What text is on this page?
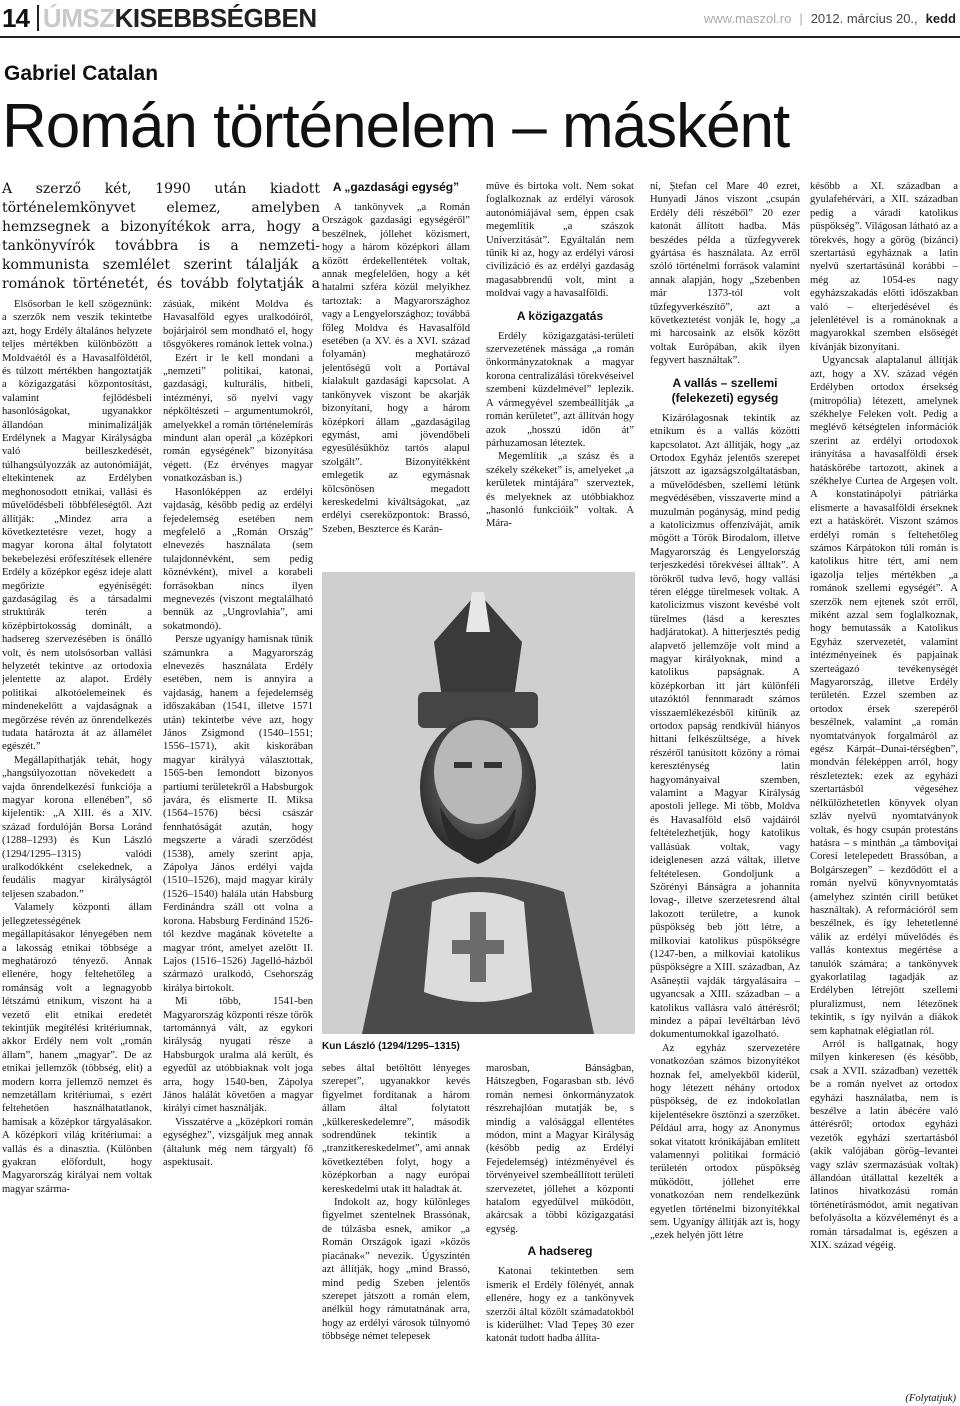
14 ÚMSZ KISEBBSÉGBEN	www.maszol.ro | 2012. március 20., kedd
Gabriel Catalan
Román történelem – másként
A szerző két, 1990 után kiadott történelemkönyvet elemez, amelyben hemzsegnek a bizonyítékok arra, hogy a tankönyvírók továbbra is a nemzeti-kommunista szemlélet szerint tálalják a románok történetét, és tovább folytatják a

Elsősorban le kell szögeznünk: a szerzők nem veszik tekintetbe azt, hogy Erdély általános helyzete teljes mértékben különbözött a Moldvaétól és a Havasalföldétől, és túlzott mértékben hangoztatják a közigazgatási központosítást, valamint fejlődésbeli hasonlóságokat, ugyanakkor állandóan minimalizálják Erdélynek a Magyar Királyságba való beilleszkedését, túlhangsúlyozzák az autonómiáját, eltekintenek az Erdélyben meghonosodott etnikai, vallási és művelődésbeli többféleségtől. Azt állítják: „Mindez arra a következtetésre vezet, hogy a magyar korona által folytatott bekebelezési erőfeszítések ellenére Erdély a középkor egész ideje alatt megőrizte egyéniségét: gazdaságilag és a társadalmi struktúrák terén a középbirtokosság dominált, a hadsereg szervezésében is önálló volt, és nem utolsósorban vallási helyzetét tekintve az ortodoxia jelentette az alapot. Erdély politikai alkotóelemeinek és mindenekelőtt a vajdaságnak a megőrzése révén az önrendelkezés tudata határozta át az államélet egészét.”

Megállapíthatják tehát, hogy „hangsúlyozottan növekedett a vajda önrendelkezési funkciója a magyar korona ellenében”, ső kijelentik: „A XIII. és a XIV. század fordulóján Borsa Loránd (1288–1293) és Kun László (1294/1295–1315) valódi uralkodókként cselekednek, a feudális magyar királyságtól teljesen szabadon.”

Valamely központi állam jellegzetességének megállapításakor lényegében nem a lakosság etnikai többsége a meghatározó tényező. Annak ellenére, hogy feltehetőleg a románság volt a legnagyobb létszámú etnikum, viszont ha a vezető elit etnikai eredetét tekintjük megítélési kritériumnak, akkor Erdély nem volt „román állam”, hanem „magyar”. De az etnikai jellemzők (többség, elit) a modern korra jellemző nemzet és nemzetállam kritériumai, s ezért feltehetően használhatatlanok, hamisak a középkor tárgyalásakor. A középkori világ kritériumai: a vallás és a dinasztia. (Különben gyakran előfordult, hogy Magyarország királyai nem voltak magyar szárma-

zásúak, miként Moldva és Havasalföld egyes uralkodóiról, bojárjairól sem mondható el, hogy tősgyökeres románok lettek volna.)

Ezért ir le kell mondani a „nemzeti” politikai, katonai, gazdasági, kulturális, hitbeli, intézményi, ső nyelvi vagy népköltészeti – argumentumokról, amelyekkel a román történelemírás mindunt alan operál „a középkori román egységének” bizonyítása végett. (Ez érvényes magyar vonatkozásban is.)

Hasonlóképpen az erdélyi vajdaság, később pedig az erdélyi fejedelemség esetében nem megfelelő a „Román Ország” elnevezés használata (sem tulajdonnévként, sem pedig köznévként), mivel a korabeli forrásokban nincs ilyen megnevezés (viszont megtalálható bennük az „Ungrovlahia”, ami sokatmondó).

Persze ugyanígy hamisnak tűnik számunkra a Magyarország elnevezés használata Erdély esetében, nem is annyira a vajdaság, hanem a fejedelemség időszakában (1541, illetve 1571 után) tekintetbe véve azt, hogy János Zsigmond (1540–1551; 1556–1571), akit kiskorában magyar királyyá választottak, 1565-ben lemondott bizonyos partiumi területekről a Habsburgok javára, és elismerte II. Miksa (1564–1576) bécsi császár fennhatóságát azután, hogy megszerte a váradi szerződést (1538), amely szerint apja, Zápolya János erdélyi vajda (1510–1526), majd magyar király (1526–1540) halála után Habsburg Ferdinándra száll ott volna a korona. Habsburg Ferdinánd 1526-tól kezdve magának követelte a magyar trónt, amelyet azelőtt II. Lajos (1516–1526) Jagelló-házból származó uralkodó, Csehország királya birtokolt.

Mi több, 1541-ben Magyarország központi része török tartománnyá vált, az egykori királyság nyugati része a Habsburgok uralma alá került, és egyedül az utóbbiaknak volt joga arra, hogy 1540-ben, Zápolya János halálát követően a magyar királyi címet használják.

Visszatérve a „középkori román egységhez”, vizsgáljuk meg annak (általunk még nem tárgyalt) fő aspektusait.

A „gazdasági egység”

A tankönyvek „a Román Országok gazdasági egységéről” beszélnek, jóllehet közismert, hogy a három középkori állam között érdekellentétek voltak, annak megfelelően, hogy a két hatalmi szféra közül melyikhez tartoztak: a Magyarországhoz vagy a Lengyelországhoz; továbbá főleg Moldva és Havasalföld esetében (a XV. és a XVI. század folyamán) meghatározó jelentőségű volt a Portával kialakult gazdasági kapcsolat. A tankönyvek viszont be akarják bizonyítani, hogy a három középkori állam „gazdaságilag egymást, ami jövendőbeli egyesülésükhöz tartós alapul szolgált”. Bizonyítékként emlegetik az egymásnak kölcsönösen megadott kereskedelmi kiváltságokat, „az erdélyi csereközpontok: Brassó, Szeben, Beszterce és Karán-

műve és birtoka volt. Nem sokat foglalkoznak az erdélyi városok autonómiájával sem, éppen csak megemlítik „a szászok Univerzitását”. Egyáltalán nem tűnik ki az, hogy az erdélyi városi civilizáció és az erdélyi gazdaság magasabbrendű volt, mint a moldvai vagy a havasalföldi.

A közigazgatás

Erdély közigazgatási-területi szervezetének mássága „a román önkormányzatoknak a magyar korona centralizálási törekvéseivel szembeni küzdelmével” leplezik. A vármegyével szembeállítják „a román kerületet”, azt állítván hogy azok „hosszú időn át” párhuzamosan léteztek.

Megemlítik „a szász és a székely székeket” is, amelyeket „a kerületek mintájára” szerveztek, és melyeknek az utóbbiakhoz „hasonló funkcióik” voltak. A Mára-

Kun László (1294/1295–1315)

sebes által betöltött lényeges szerepet”, ugyanakkor kevés figyelmet fordítanak a három állam által folytatott „külkereskedelemre”, második sodrendűnek tekintik a „tranzitkereskedelmet”, ami annak következtében folyt, hogy a középkorban a nagy európai kereskedelmi utak itt haladtak át.

Indokolt az, hogy különleges figyelmet szentelnek Brassónak, de túlzásba esnek, amikor „a Román Országok igazi »közös piacának«” nevezik. Úgyszintén azt állítják, hogy „mind Brassó, mind pedig Szeben jelentős szerepet játszott a román elem, anélkül hogy rámutatnának arra, hogy az erdélyi városok túlnyomó többsége német telepesek

marosban, Bánságban, Hátszegben, Fogarasban stb. lévő román nemesi önkormányzatok részrehajlóan mutatják be, s mindig a valósággal ellentétes módon, mint a Magyar Királyság (később pedig az Erdélyi Fejedelemség) intézményével és törvényeivel szembeállított területi szervezetet, jóllehet a központi hatalom egyedülvel működött, akárcsak a többi közigazgatási egység.

A hadsereg

Katonai tekintetben sem ismerik el Erdély fölényét, annak ellenére, hogy ez a tankönyvek szerzői által közölt számadatokból is kiderülhet: Vlad Țepeș 30 ezer katonát tudott hadba állíta-

ni, Ștefan cel Mare 40 ezret, Hunyadi János viszont „csupán Erdély déli részéből” 20 ezer katonát állított hadba. Más beszédes példa a tűzfegyverek gyártása és használata. Az erről szóló történelmi források valamint annak alapján, hogy „Szebenben már 1373-tól volt tűzfegyverkészítő”, azt a következtetést vonják le, hogy „a mi harcosaink az elsők között voltak Európában, akik ilyen fegyvert használtak”.

A vallás – szellemi (felekezeti) egység

Kizárólagosnak tekintik az etnikum és a vallás közötti kapcsolatot. Azt állítják, hogy „az Ortodox Egyház jelentős szerepet játszott az igazságszolgáltatásban, a művelődésben, szellemi létünk megvédésében, visszaverte mind a muzulmán pogányság, mind pedig a katolicizmus offenzíváját, amik mögött a Török Birodalom, illetve Magyarország és Lengyelország terjeszkedési törekvései álltak”. A törökről tudva levő, hogy vallási téren elégge türelmesek voltak. A katolicizmus viszont kevésbé volt türelmes (lásd a keresztes hadjáratokat). A hitterjesztés pedig alapvető jellemzője volt mind a magyar királyoknak, mind a katolikus papságnak. A középkorban itt járt különféli utazóktól fennmaradt számos visszaemlékezésből kitűnik az ortodox papság rendkívül hiányos hittani felkészültsége, a hívek részéről tanúsított közöny a római kereszténység latin hagyományaival szemben, valamint a Magyar Királyság apostoli jellege. Mi több, Moldva és Havasalföld első vajdáiról feltételezhetjük, hogy katolikus vallásúak voltak, vagy ideiglenesen azzá váltak, illetve feltételesen. Gondoljunk a Szörényi Bánságra a johannita lovag-, illetve szerzetesrend által lakozott területre, a kunok püspökség beb jött létre, a milkoviai katolikus püspökségre (1247-ben, a milkoviai katolikus püspökségre a XIII. században, Az Asăneștii vajdák tárgyalásaira – ugyancsak a XIII. században – a katolikus vallásra való áttérésről; mindez a pápai levéltárban lévő dokumentumokkal igazolható.

Az egyház szervezetére vonatkozóan számos bizonyítékot hoznak fel, amelyekből kiderül, hogy létezett néhány ortodox püspökség, de ez indokolatlan kijelentésekre ösztönzi a szerzőket. Például arra, hogy az Anonymus sokat vitatott krónikájában említett valamennyi politikai formáció területén ortodox püspökség működött, jóllehet erre vonatkozóan nem rendelkezünk egyetlen történelmi bizonyítékkal sem. Ugyanígy állítják azt is, hogy „ezek helyén jött létre

később a XI. században a gyulafehérvári, a XII. században pedig a váradi katolikus püspökség”. Világosan látható az a törekvés, hogy a görög (bizánci) szertartású egyháznak a latin nyelvű szertartásúnál korábbi – még az 1054-es nagy egyházszakadás előtti időszakban való – elterjedésével és jelenlétével is a románoknak a magyarokkal szemben elsőségét kívánják bizonyítani.

Ugyancsak alaptalanul állítják azt, hogy a XV. század végén Erdélyben ortodox érsekség (mitropólia) létezett, amelynek székhelye Feleken volt. Pedig a meglévő kétségtelen információk szerint az erdélyi ortodoxok irányítása a havasalföldi érsek hatáskörébe tartozott, akinek a székhelye Curtea de Argeșen volt. A konstatinápolyi pátriárka elismerte a havasalföldi érseknek ezt a hatáskörét. Viszont számos erdélyi román s feltehetőleg számos Kárpátokon túli román is katolikus hitre tért, ami nem igazolja teljes mértékben „a románok szellemi egységét”. A szerzők nem ejtenek szót erről, miként azzal sem foglalkoznak, hogy bemutassák a Katolikus Egyház szervezetét, valamint intézményeinek és papjainak szerteágazó tevékenységét Magyarország, illetve Erdély területén. Ezzel szemben az ortodox érsek szerepéről beszélnek, valamint „a román nyomtatványok forgalmáról az egész Kárpát–Dunai-térségben”, mondván féleképpen arról, hogy részleteztek: ezek az egyházi szertartásból végeséhez nélkülözhetetlen könyvek olyan szláv nyelvű nyomtatványok voltak, és hogy csupán protestáns hatásra – s minthán „a tâmboviţai Coresi letelepedett Brassóban, a Bolgárszegen” – kezdődött el a román nyelvű könyvnyomtatás (amelyhez szintén cirill betűket használtak). A reformációról sem beszélnek, és így lehetetlenné válik az erdélyi művelődés és vallás kontextus megértése a tanulók számára; a tankönyvek gyakorlatilag tagadják az Erdélyben létrejött szellemi pluralizmust, nem létezőnek tekintik, s így nyilván a diákok sem kaphatnak elégiatlan ról.

Arról is hallgatnak, hogy milyen kinkeresen (és később, csak a XVII. században) vezették be a román nyelvet az ortodox egyházi használatba, nem is beszélve a latin ábécére való áttérésről; ortodox egyházi vezetők egyházi szertartásból (akik valójában görög–levantei vagy szláv szermazásúak voltak) állandóan útállattal kezelték a latinos hivatkozású román történetírásmódot, amit negatívan befolyásolta a közvéleményt és a román társadalmat is, egészen a XIX. század végéig.

(Folytatjuk)
